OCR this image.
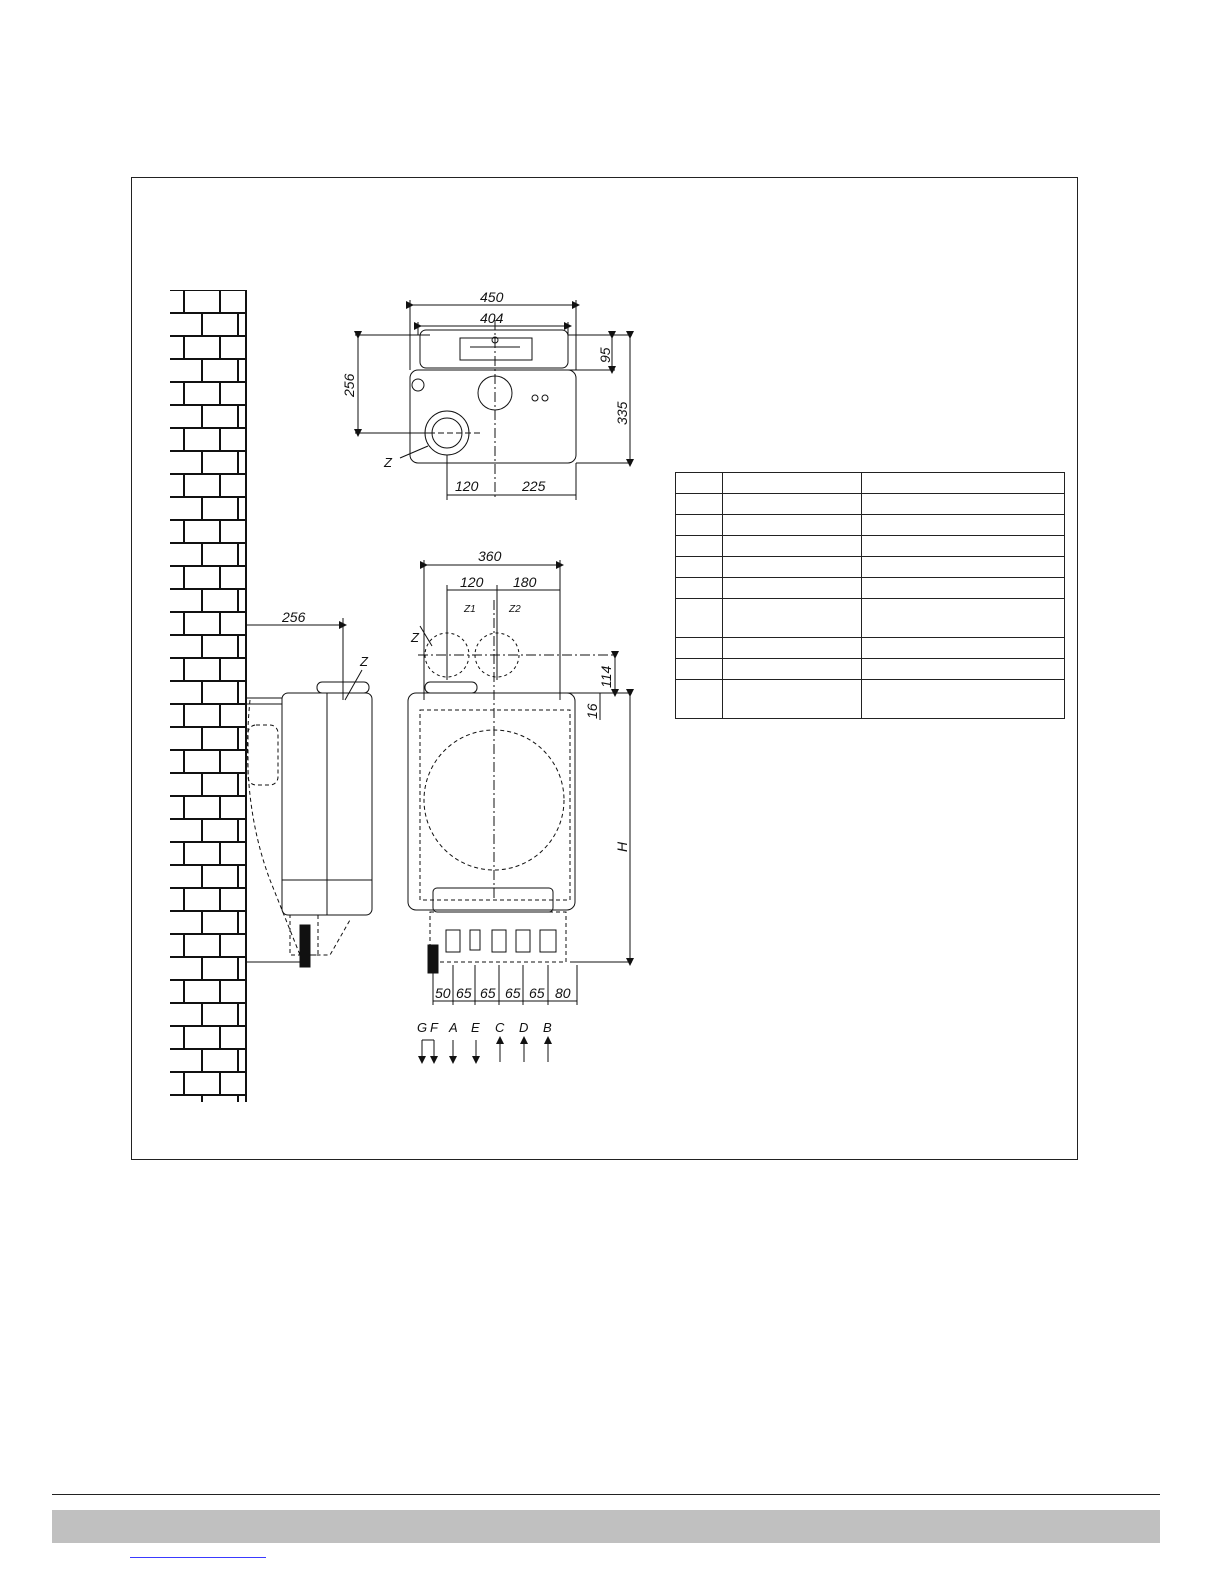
450
404
95
335
256
Z
120	225
256
Z
360
120 180
Z1	Z2
Z
114
16
H
50 65 65 65 65 80
G F A E C D B
